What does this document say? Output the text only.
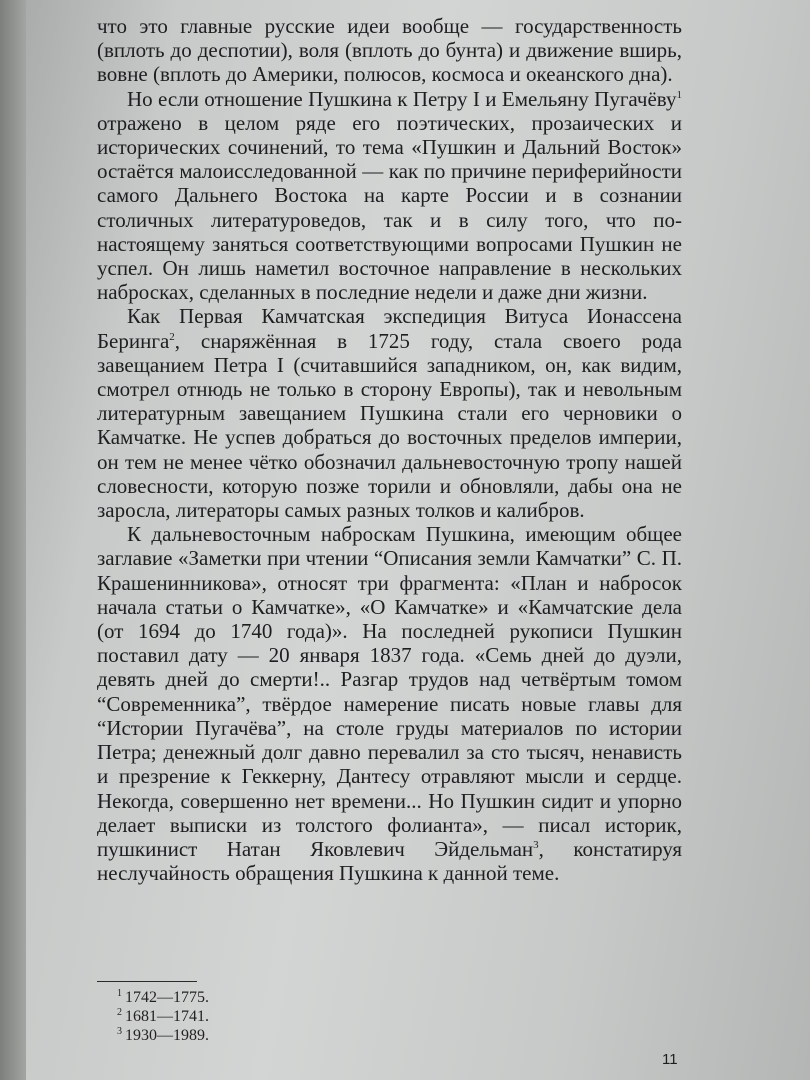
что это главные русские идеи вообще — государственность (вплоть до деспотии), воля (вплоть до бунта) и движение вширь, вовне (вплоть до Америки, полюсов, космоса и океанского дна).

Но если отношение Пушкина к Петру I и Емельяну Пугачёву$^1$ отражено в целом ряде его поэтических, прозаических и исторических сочинений, то тема «Пушкин и Дальний Восток» остаётся малоисследованной — как по причине периферийности самого Дальнего Востока на карте России и в сознании столичных литературоведов, так и в силу того, что по-настоящему заняться соответствующими вопросами Пушкин не успел. Он лишь наметил восточное направление в нескольких набросках, сделанных в последние недели и даже дни жизни.

Как Первая Камчатская экспедиция Витуса Ионассена Беринга$^2$, снаряжённая в 1725 году, стала своего рода завещанием Петра I (считавшийся западником, он, как видим, смотрел отнюдь не только в сторону Европы), так и невольным литературным завещанием Пушкина стали его черновики о Камчатке. Не успев добраться до восточных пределов империи, он тем не менее чётко обозначил дальневосточную тропу нашей словесности, которую позже торили и обновляли, дабы она не заросла, литераторы самых разных толков и калибров.

К дальневосточным наброскам Пушкина, имеющим общее заглавие «Заметки при чтении “Описания земли Камчатки” С. П. Крашенинникова», относят три фрагмента: «План и набросок начала статьи о Камчатке», «О Камчатке» и «Камчатские дела (от 1694 до 1740 года)». На последней рукописи Пушкин поставил дату — 20 января 1837 года. «Семь дней до дуэли, девять дней до смерти!.. Разгар трудов над четвёртым томом “Современника”, твёрдое намерение писать новые главы для “Истории Пугачёва”, на столе груды материалов по истории Петра; денежный долг давно перевалил за сто тысяч, ненависть и презрение к Геккерну, Дантесу отравляют мысли и сердце. Некогда, совершенно нет времени... Но Пушкин сидит и упорно делает выписки из толстого фолианта», — писал историк, пушкинист Натан Яковлевич Эйдельман$^3$, констатируя неслучайность обращения Пушкина к данной теме.

$^1$ 1742—1775.
$^2$ 1681—1741.
$^3$ 1930—1989.
11
